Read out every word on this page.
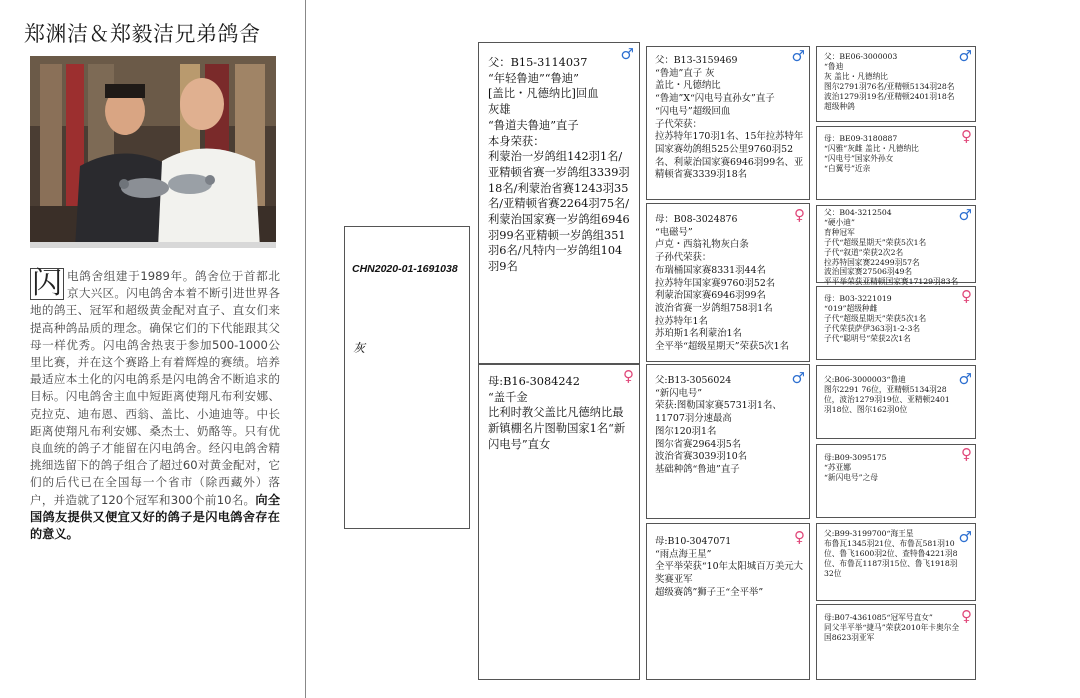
郑渊洁＆郑毅洁兄弟鸽舍
闪 电鸽舍组建于1989年。鸽舍位于首都北京大兴区。闪电鸽舍本着不断引进世界各地的鸽王、冠军和超级黄金配对直子、直女们来提高种鸽品质的理念。确保它们的下代能跟其父母一样优秀。闪电鸽舍热衷于参加500-1000公里比赛，并在这个赛路上有着辉煌的赛绩。培养最适应本土化的闪电鸽系是闪电鸽舍不断追求的目标。闪电鸽舍主血中短距离使翔凡布利安娜、克拉克、迪布恩、西翁、盖比、小迪迪等。中长距离使翔凡布利安娜、桑杰士、奶酪等。只有优良血统的鸽子才能留在闪电鸽舍。经闪电鸽舍精挑细选留下的鸽子组合了超过60对黄金配对，它们的后代已在全国每一个省市（除西藏外）落户，并造就了120个冠军和300个前10名。向全国鸽友提供又便宜又好的鸽子是闪电鸽舍存在的意义。
CHN2020-01-1691038
灰
♂
父：B15-3114037
“年轻鲁迪”“鲁迪”
[盖比・凡德纳比]回血
灰雄
“鲁道夫鲁迪”直子
本身荣获：
利蒙治一岁鸽组142羽1名/亚精顿省赛一岁鸽组3339羽18名/利蒙治省赛1243羽35名/亚精顿省赛2264羽75名/利蒙治国家赛一岁鸽组6946羽99名亚精顿一岁鸽组351羽6名/凡特内一岁鸽组104羽9名
♀
母:B16-3084242
“盖千金
比利时教父盖比凡德纳比最新镇棚名片图勒国家1名“新闪电号”直女
♂
父：B13-3159469
“鲁迪”直子 灰
盖比・凡德纳比
“鲁迪”X“闪电号直孙女”直子
“闪电号”超级回血
子代荣获：
拉苏特年170羽1名、15年拉苏特年国家赛幼鸽组525公里9760羽52名、利蒙治国家赛6946羽99名、亚精顿省赛3339羽18名
♀
母：B08-3024876
“电磁号”
卢克・西翁礼物灰白条
子孙代荣获：
布瑞桶国家赛8331羽44名
拉苏特年国家赛9760羽52名
利蒙治国家赛6946羽99名
波治省赛一岁鸽组758羽1名
拉苏特年1名
苏珀斯1名利蒙治1名
全平举“超级星期天”荣获5次1名
♂
父:B13-3056024
“新闪电号”
荣获:图勒国家赛5731羽1名、11707羽分速最高
图尔120羽1名
图尔省赛2964羽5名
波治省赛3039羽10名
基础种鸽“鲁迪”直子
♀
母:B10-3047071
“雨点海王星”
全平举荣获“10年太阳城百万美元大奖赛亚军
超级赛鸽”狮子王“全平举”
♂
父：BE06-3000003
“鲁迪
灰 盖比・凡德纳比
图尔2791羽76名/亚精顿5134羽28名
波治1279羽19名/亚精顿2401羽18名
超级种鸽
♀
母：BE09-3180887
“闪雅”灰雌 盖比・凡德纳比
“闪电号”国家外孙女
“白翼号”近亲
♂
父：B04-3212504
“硬小迪”
育种冠军
子代“超级星期天”荣获5次1名
子代“叙道”荣获2次2名
拉苏特国家赛22499羽57名
波治国家赛27506羽49名
平平举荣获亚精顿国家赛17129羽83名
♀
母：B03-3221019
“019”超级种雌
子代“超级星期天”荣获5次1名
子代荣获萨伊363羽1-2-3名
子代“聪明号”荣获2次1名
♂
父:B06-3000003“鲁迪
图尔2291 76位，亚精顿5134羽28位，波治1279羽19位、亚精顿2401羽18位、图尔162羽0位
♀
母:B09-3095175
“苏亚娜
“新闪电号”之母
♂
父:B99-3199700“海王星
布鲁瓦1345羽21位、布鲁瓦581羽10位、鲁飞1600羽2位、查特鲁4221羽8位、布鲁瓦1187羽15位、鲁飞1918羽32位
♀
母:B07-4361085“冠军号直女”
同父半平举“捷马”荣获2010年卡奥尔全国8623羽亚军
